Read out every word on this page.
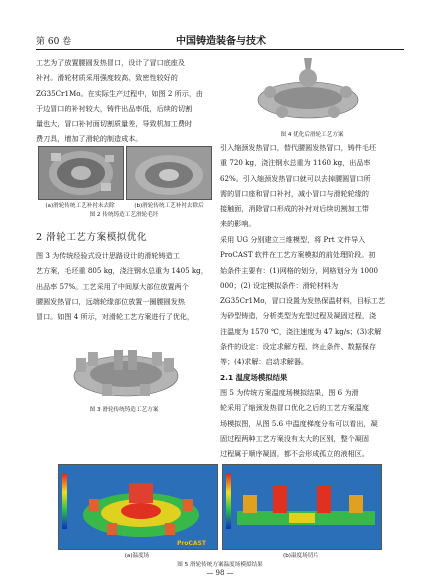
第 60 卷	中国铸造装备与技术
工艺为了放置腰圆发热冒口，设计了冒口底座及
补衬。滑轮材质采用强度较高、致密性较好的
ZG35Cr1Mo。在实际生产过程中，如图 2 所示，由
于边冒口的补衬较大，铸件出品率低，后续的切割
量也大，冒口补衬面切割质量差，导致机加工费时
费刀具，增加了滑轮的制造成本。
(a)滑轮传统工艺补衬未去除	(b)滑轮传统工艺补衬去除后
图 2 传统铸造工艺滑轮毛坯
2 滑轮工艺方案模拟优化
图 3 为传统经验式设计思路设计的滑轮铸造工
艺方案，毛坯重 805 kg，浇注钢水总重为 1405 kg，
出品率 57%。工艺采用了中间厚大部位放置两个
腰圆发热冒口，远端轮缘部位放置一圈腰圆发热
冒口。如图 4 所示，对滑轮工艺方案进行了优化，
图 3 滑轮传统铸造工艺方案
图 4 优化后滑轮工艺方案
引入缩颈发热冒口，替代腰圆发热冒口，铸件毛坯
重 720 kg，浇注钢水总重为 1160 kg，出品率
62%。引入缩颈发热冒口就可以去掉腰圆冒口所
需的冒口座和冒口补衬，减小冒口与滑轮轮缘的
接触面，消除冒口形成的补衬对后续切割加工带
来的影响。
采用 UG 分别建立三维模型，将 Prt 文件导入
ProCAST 软件在工艺方案模拟的前处理阶段。初
始条件主要有：(1)网格的划分，网格划分为 1000
000；(2) 设定模拟条件：滑轮材料为
ZG35Cr1Mo，冒口设置为发热保温材料，目标工艺
为砂型铸造，分析类型为充型过程及凝固过程，浇
注温度为 1570 ℃，浇注速度为 47 kg/s；(3)求解
条件的设定：设定求解方程、终止条件、数据保存
等；(4)求解：启动求解器。
2.1 温度场模拟结果
图 5 为传统方案温度场模拟结果，图 6 为滑
轮采用了缩颈发热冒口优化之后的工艺方案温度
场模拟图，从图 5.6 中温度梯度分布可以看出，凝
固过程两种工艺方案没有太大的区别，整个凝固
过程属于顺序凝固，都不会形成孤立的液相区。
ProCAST
(a)温度场	(b)温度场切片
图 5 滑轮传统方案温度场模拟结果
— 98 —
